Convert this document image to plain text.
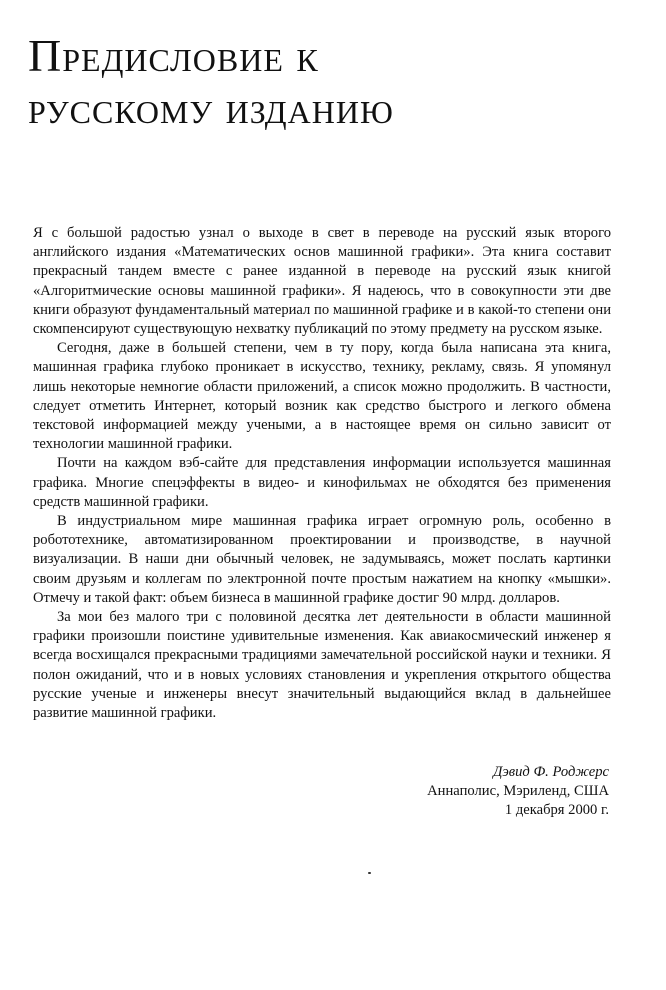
Предисловие к
русскому изданию

Я с большой радостью узнал о выходе в свет в переводе на русский язык второго английского издания «Математических основ машинной графики». Эта книга составит прекрасный тандем вместе с ранее изданной в переводе на русский язык книгой «Алгоритмические основы машинной графики». Я надеюсь, что в совокупности эти две книги образуют фундаментальный материал по машинной графике и в какой-то степени они скомпенсируют существующую нехватку публикаций по этому предмету на русском языке.

Сегодня, даже в большей степени, чем в ту пору, когда была написана эта книга, машинная графика глубоко проникает в искусство, технику, рекламу, связь. Я упомянул лишь некоторые немногие области приложений, а список можно продолжить. В частности, следует отметить Интернет, который возник как средство быстрого и легкого обмена текстовой информацией между учеными, а в настоящее время он сильно зависит от технологии машинной графики.

Почти на каждом вэб-сайте для представления информации используется машинная графика. Многие спецэффекты в видео- и кинофильмах не обходятся без применения средств машинной графики.

В индустриальном мире машинная графика играет огромную роль, особенно в робототехнике, автоматизированном проектировании и производстве, в научной визуализации. В наши дни обычный человек, не задумываясь, может послать картинки своим друзьям и коллегам по электронной почте простым нажатием на кнопку «мышки». Отмечу и такой факт: объем бизнеса в машинной графике достиг 90 млрд. долларов.

За мои без малого три с половиной десятка лет деятельности в области машинной графики произошли поистине удивительные изменения. Как авиакосмический инженер я всегда восхищался прекрасными традициями замечательной российской науки и техники. Я полон ожиданий, что и в новых условиях становления и укрепления открытого общества русские ученые и инженеры внесут значительный выдающийся вклад в дальнейшее развитие машинной графики.

Дэвид Ф. Роджерс
Аннаполис, Мэриленд, США
1 декабря 2000 г.
